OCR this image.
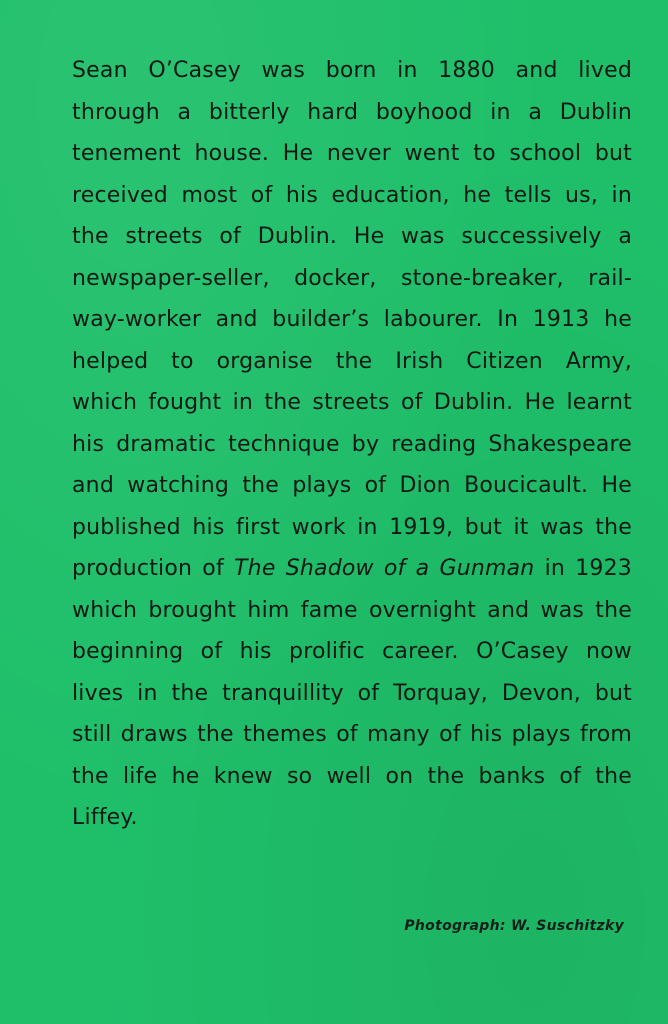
Sean O’Casey was born in 1880 and lived
through a bitterly hard boyhood in a Dublin
tenement house. He never went to school but
received most of his education, he tells us, in
the streets of Dublin. He was successively a
newspaper-seller, docker, stone-breaker, rail-
way-worker and builder’s labourer. In 1913 he
helped to organise the Irish Citizen Army,
which fought in the streets of Dublin. He learnt
his dramatic technique by reading Shakespeare
and watching the plays of Dion Boucicault. He
published his first work in 1919, but it was the
production of The Shadow of a Gunman in 1923
which brought him fame overnight and was the
beginning of his prolific career. O’Casey now
lives in the tranquillity of Torquay, Devon, but
still draws the themes of many of his plays from
the life he knew so well on the banks of the
Liffey.
Photograph: W. Suschitzky
